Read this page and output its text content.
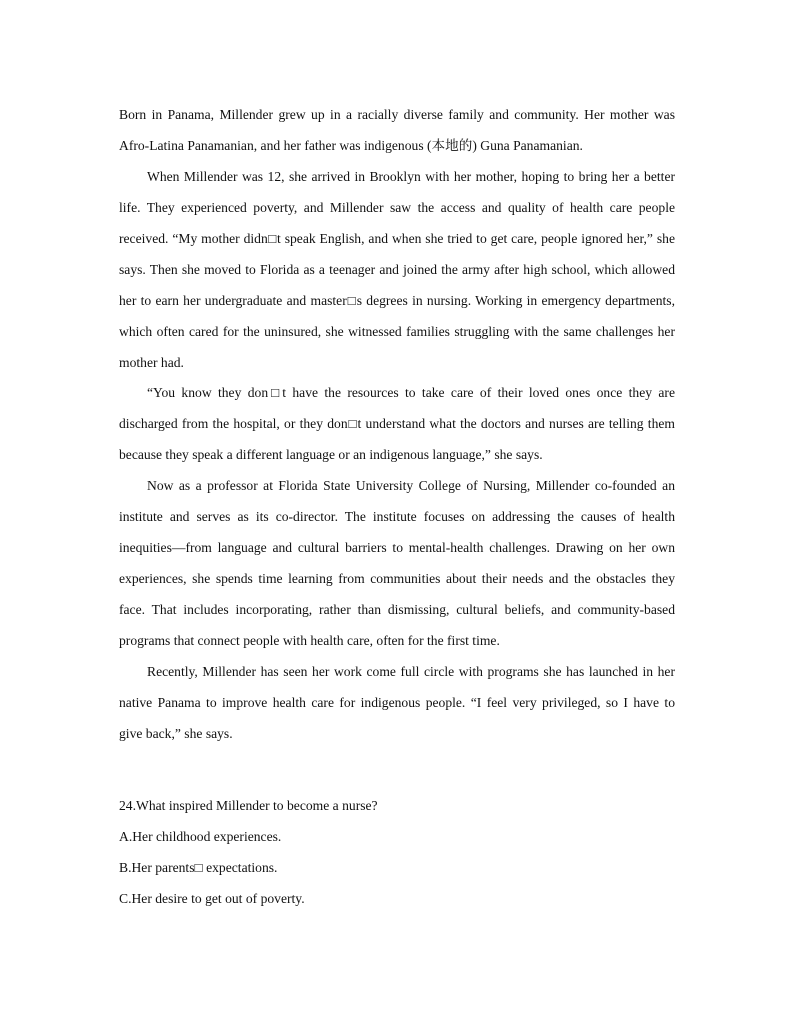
Born in Panama, Millender grew up in a racially diverse family and community. Her mother was
Afro-Latina Panamanian, and her father was indigenous (本地的) Guna Panamanian.
When Millender was 12, she arrived in Brooklyn with her mother, hoping to bring her a better
life. They experienced poverty, and Millender saw the access and quality of health care people
received. “My mother didn□t speak English, and when she tried to get care, people ignored her,” she
says. Then she moved to Florida as a teenager and joined the army after high school, which allowed
her to earn her undergraduate and master□s degrees in nursing. Working in emergency departments,
which often cared for the uninsured, she witnessed families struggling with the same challenges her
mother had.
“You know they don□t have the resources to take care of their loved ones once they are
discharged from the hospital, or they don□t understand what the doctors and nurses are telling them
because they speak a different language or an indigenous language,” she says.
Now as a professor at Florida State University College of Nursing, Millender co-founded an
institute and serves as its co-director. The institute focuses on addressing the causes of health
inequities—from language and cultural barriers to mental-health challenges. Drawing on her own
experiences, she spends time learning from communities about their needs and the obstacles they
face. That includes incorporating, rather than dismissing, cultural beliefs, and community-based
programs that connect people with health care, often for the first time.
Recently, Millender has seen her work come full circle with programs she has launched in her
native Panama to improve health care for indigenous people. “I feel very privileged, so I have to
give back,” she says.
24.What inspired Millender to become a nurse?
A.Her childhood experiences.
B.Her parents□ expectations.
C.Her desire to get out of poverty.
